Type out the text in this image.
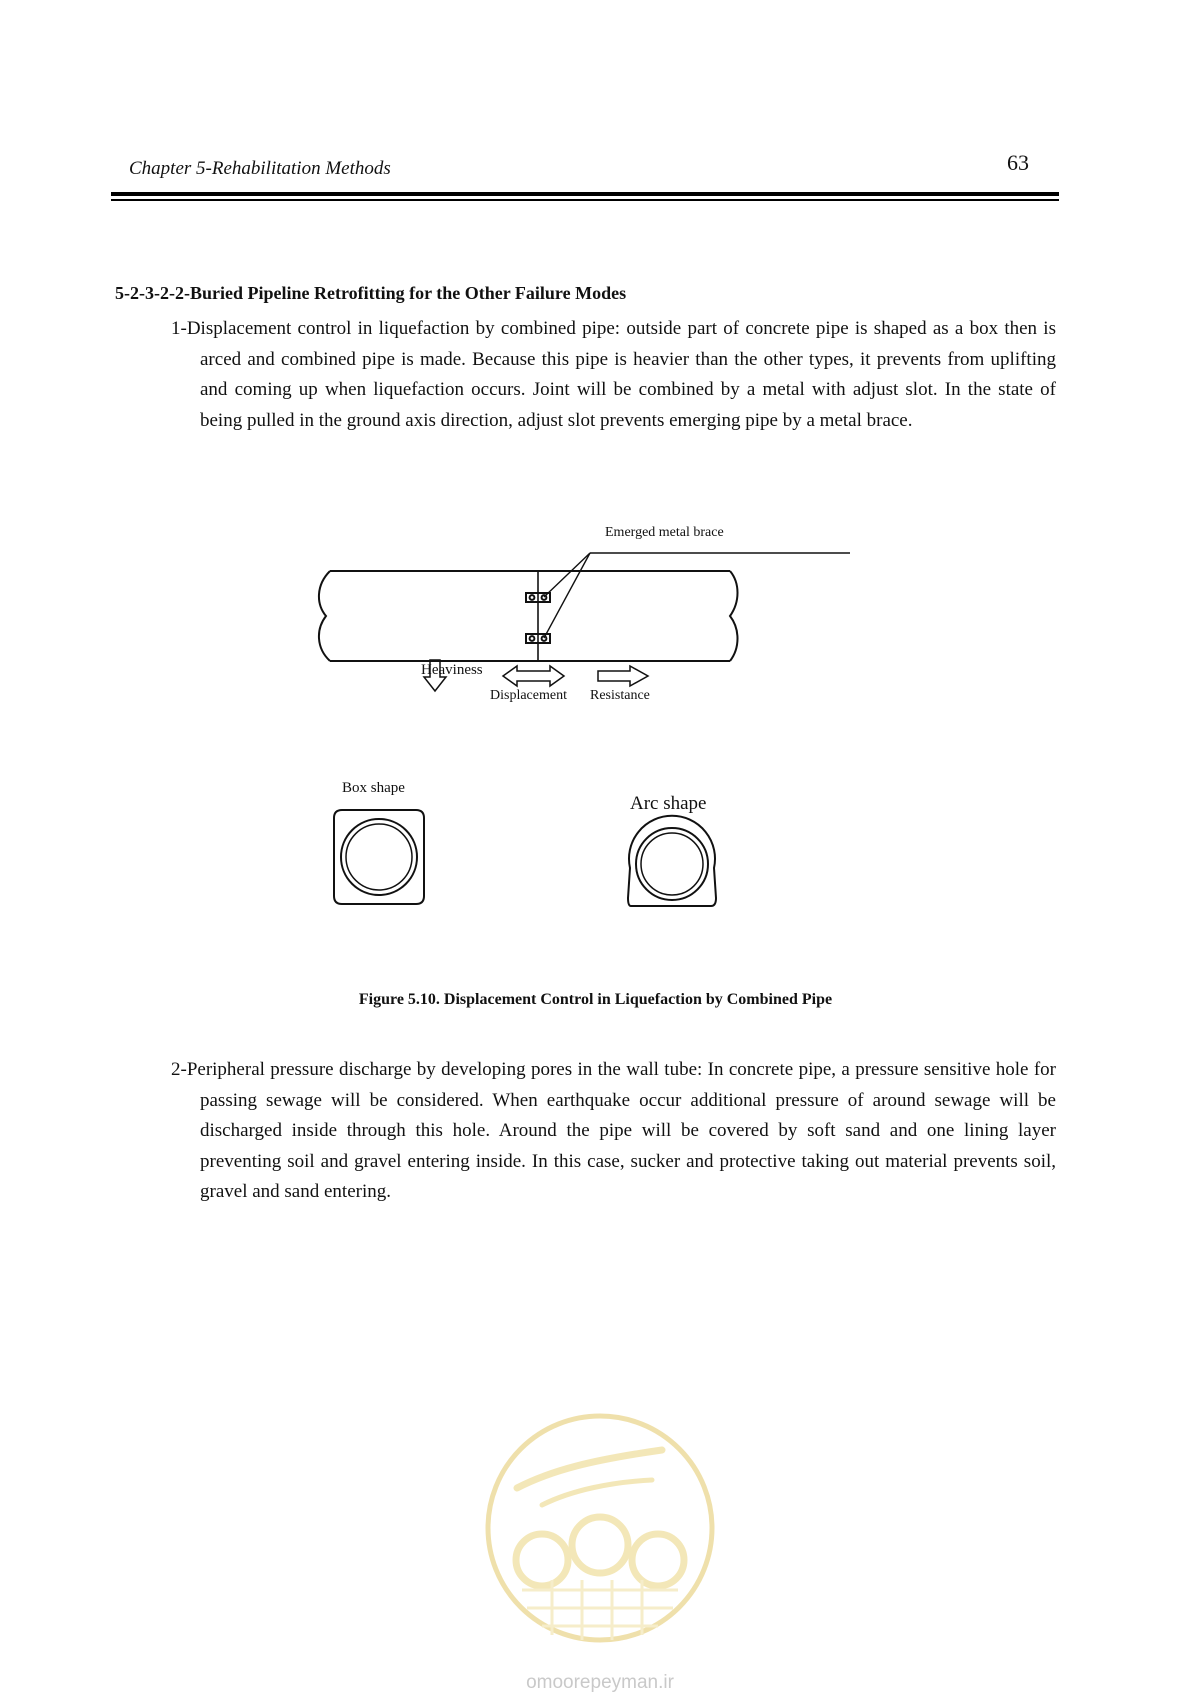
Chapter 5-Rehabilitation Methods	63
5-2-3-2-2-Buried Pipeline Retrofitting for the Other Failure Modes
1-Displacement control in liquefaction by combined pipe: outside part of concrete pipe is shaped as a box then is arced and combined pipe is made. Because this pipe is heavier than the other types, it prevents from uplifting and coming up when liquefaction occurs. Joint will be combined by a metal with adjust slot. In the state of being pulled in the ground axis direction, adjust slot prevents emerging pipe by a metal brace.
Emerged metal brace
Heaviness
Displacement Resistance
Box shape
Arc shape
Figure 5.10. Displacement Control in Liquefaction by Combined Pipe
2-Peripheral pressure discharge by developing pores in the wall tube: In concrete pipe, a pressure sensitive hole for passing sewage will be considered. When earthquake occur additional pressure of around sewage will be discharged inside through this hole. Around the pipe will be covered by soft sand and one lining layer preventing soil and gravel entering inside. In this case, sucker and protective taking out material prevents soil, gravel and sand entering.
omoorepeyman.ir
